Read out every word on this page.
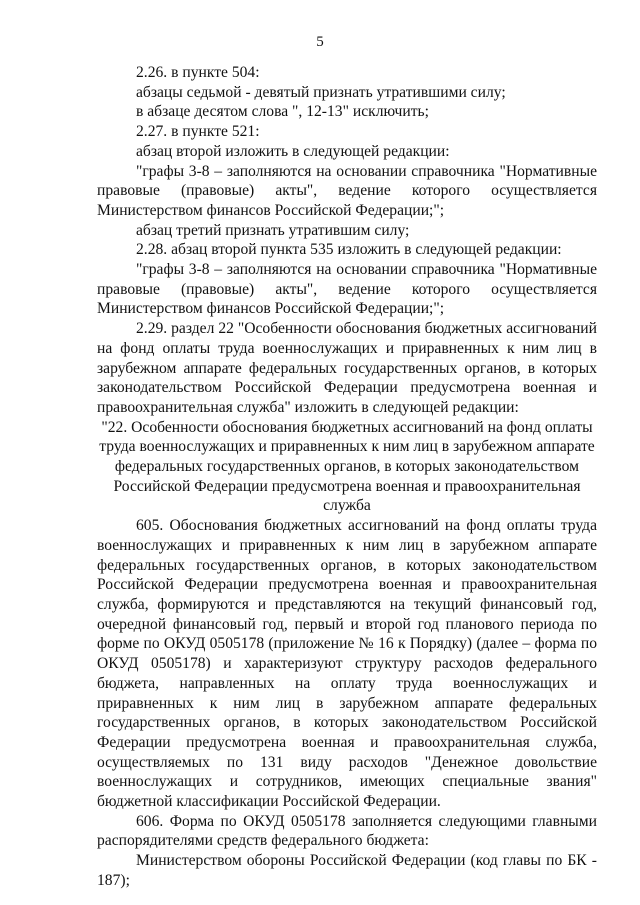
5

2.26. в пункте 504:

абзацы седьмой - девятый признать утратившими силу;

в абзаце десятом слова ", 12-13" исключить;

2.27. в пункте 521:

абзац второй изложить в следующей редакции:

"графы 3-8 – заполняются на основании справочника "Нормативные правовые (правовые) акты", ведение которого осуществляется Министерством финансов Российской Федерации;";

абзац третий признать утратившим силу;

2.28. абзац второй пункта 535 изложить в следующей редакции:

"графы 3-8 – заполняются на основании справочника "Нормативные правовые (правовые) акты", ведение которого осуществляется Министерством финансов Российской Федерации;";

2.29. раздел 22 "Особенности обоснования бюджетных ассигнований на фонд оплаты труда военнослужащих и приравненных к ним лиц в зарубежном аппарате федеральных государственных органов, в которых законодательством Российской Федерации предусмотрена военная и правоохранительная служба" изложить в следующей редакции:

"22. Особенности обоснования бюджетных ассигнований на фонд оплаты
труда военнослужащих и приравненных к ним лиц в зарубежном аппарате
федеральных государственных органов, в которых законодательством
Российской Федерации предусмотрена военная и правоохранительная служба

605. Обоснования бюджетных ассигнований на фонд оплаты труда военнослужащих и приравненных к ним лиц в зарубежном аппарате федеральных государственных органов, в которых законодательством Российской Федерации предусмотрена военная и правоохранительная служба, формируются и представляются на текущий финансовый год, очередной финансовый год, первый и второй год планового периода по форме по ОКУД 0505178 (приложение № 16 к Порядку) (далее – форма по ОКУД 0505178) и характеризуют структуру расходов федерального бюджета, направленных на оплату труда военнослужащих и приравненных к ним лиц в зарубежном аппарате федеральных государственных органов, в которых законодательством Российской Федерации предусмотрена военная и правоохранительная служба, осуществляемых по 131 виду расходов "Денежное довольствие военнослужащих и сотрудников, имеющих специальные звания" бюджетной классификации Российской Федерации.

606. Форма по ОКУД 0505178 заполняется следующими главными распорядителями средств федерального бюджета:

Министерством обороны Российской Федерации (код главы по БК - 187);
